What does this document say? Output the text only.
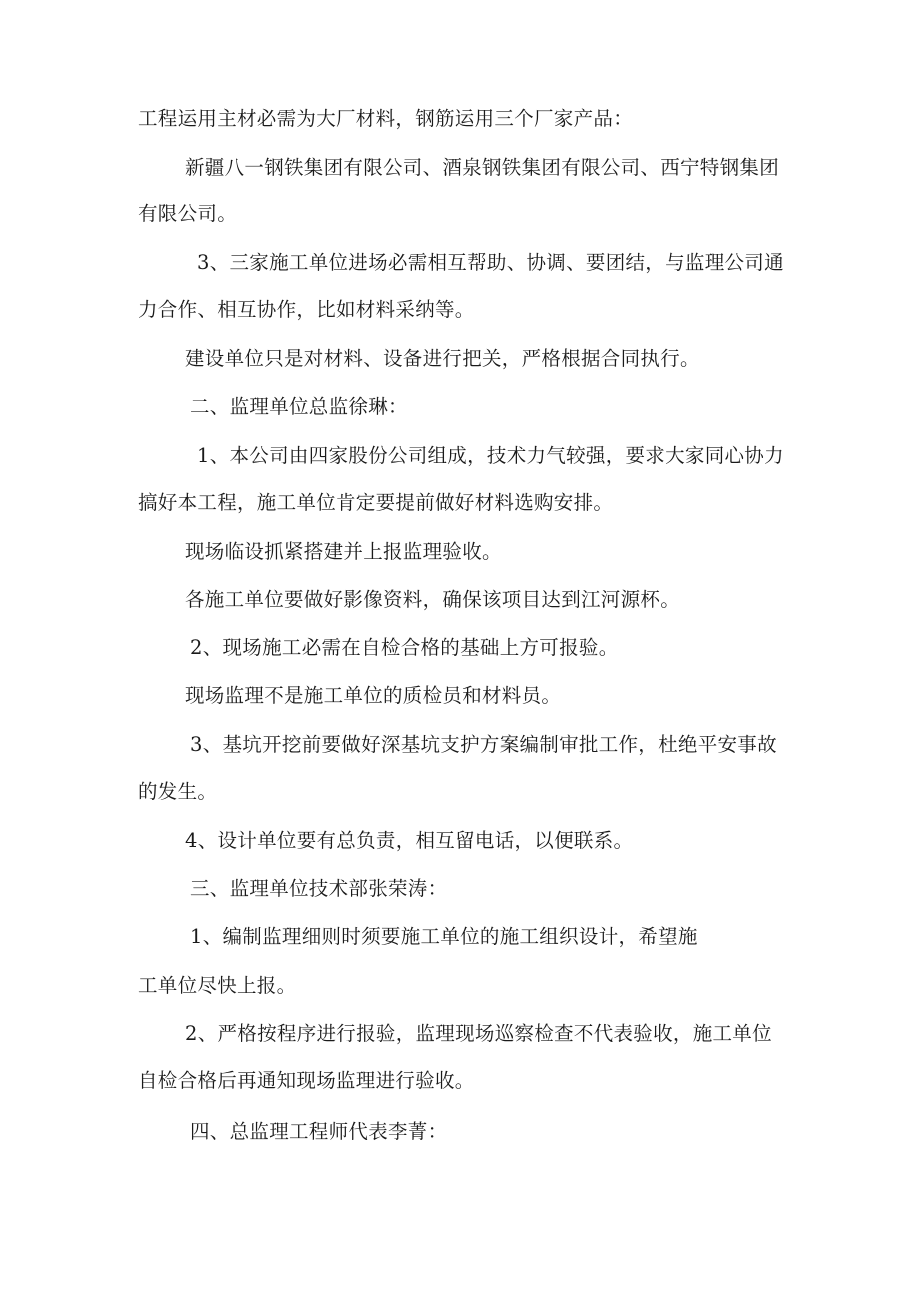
工程运用主材必需为大厂材料，钢筋运用三个厂家产品：
新疆八一钢铁集团有限公司、酒泉钢铁集团有限公司、西宁特钢集团
有限公司。
3、三家施工单位进场必需相互帮助、协调、要团结，与监理公司通
力合作、相互协作，比如材料采纳等。
建设单位只是对材料、设备进行把关，严格根据合同执行。
二、监理单位总监徐琳：
1、本公司由四家股份公司组成，技术力气较强，要求大家同心协力
搞好本工程，施工单位肯定要提前做好材料选购安排。
现场临设抓紧搭建并上报监理验收。
各施工单位要做好影像资料，确保该项目达到江河源杯。
2、现场施工必需在自检合格的基础上方可报验。
现场监理不是施工单位的质检员和材料员。
3、基坑开挖前要做好深基坑支护方案编制审批工作，杜绝平安事故
的发生。
4、设计单位要有总负责，相互留电话，以便联系。
三、监理单位技术部张荣涛：
1、编制监理细则时须要施工单位的施工组织设计，希望施
工单位尽快上报。
2、严格按程序进行报验，监理现场巡察检查不代表验收，施工单位
自检合格后再通知现场监理进行验收。
四、总监理工程师代表李菁：
